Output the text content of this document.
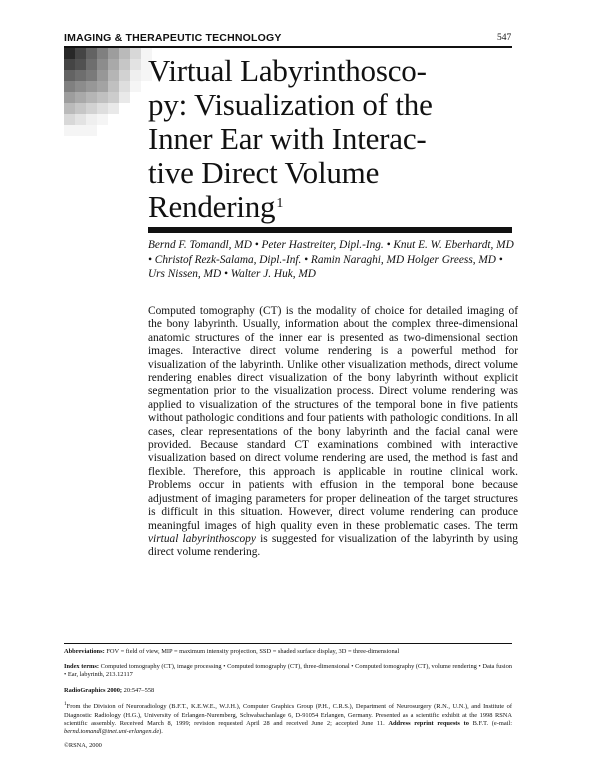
IMAGING & THERAPEUTIC TECHNOLOGY	547
Virtual Labyrinthosco-
py: Visualization of the
Inner Ear with Interac-
tive Direct Volume
Rendering$^1$
Bernd F. Tomandl, MD • Peter Hastreiter, Dipl.-Ing. • Knut E. W. Eberhardt, MD • Christof Rezk-Salama, Dipl.-Inf. • Ramin Naraghi, MD Holger Greess, MD • Urs Nissen, MD • Walter J. Huk, MD

Computed tomography (CT) is the modality of choice for detailed imaging of the bony labyrinth. Usually, information about the complex three-dimensional anatomic structures of the inner ear is presented as two-dimensional section images. Interactive direct volume rendering is a powerful method for visualization of the labyrinth. Unlike other visualization methods, direct volume rendering enables direct visualization of the bony labyrinth without explicit segmentation prior to the visualization process. Direct volume rendering was applied to visualization of the structures of the temporal bone in five patients without pathologic conditions and four patients with pathologic conditions. In all cases, clear representations of the bony labyrinth and the facial canal were provided. Because standard CT examinations combined with interactive visualization based on direct volume rendering are used, the method is fast and flexible. Therefore, this approach is applicable in routine clinical work. Problems occur in patients with effusion in the temporal bone because adjustment of imaging parameters for proper delineation of the target structures is difficult in this situation. However, direct volume rendering can produce meaningful images of high quality even in these problematic cases. The term virtual labyrinthoscopy is suggested for visualization of the labyrinth by using direct volume rendering.

Abbreviations: FOV = field of view, MIP = maximum intensity projection, SSD = shaded surface display, 3D = three-dimensional
Index terms: Computed tomography (CT), image processing • Computed tomography (CT), three-dimensional • Computed tomography (CT), volume rendering • Data fusion • Ear, labyrinth, 213.12117
RadioGraphics 2000; 20:547–558
$^1$From the Division of Neuroradiology (B.F.T., K.E.W.E., W.J.H.), Computer Graphics Group (P.H., C.R.S.), Department of Neurosurgery (R.N., U.N.), and Institute of Diagnostic Radiology (H.G.), University of Erlangen-Nuremberg, Schwabachanlage 6, D-91054 Erlangen, Germany. Presented as a scientific exhibit at the 1998 RSNA scientific assembly. Received March 8, 1999; revision requested April 28 and received June 2; accepted June 11. Address reprint requests to B.F.T. (e-mail: bernd.tomandl@tnet.uni-erlangen.de).
©RSNA, 2000
